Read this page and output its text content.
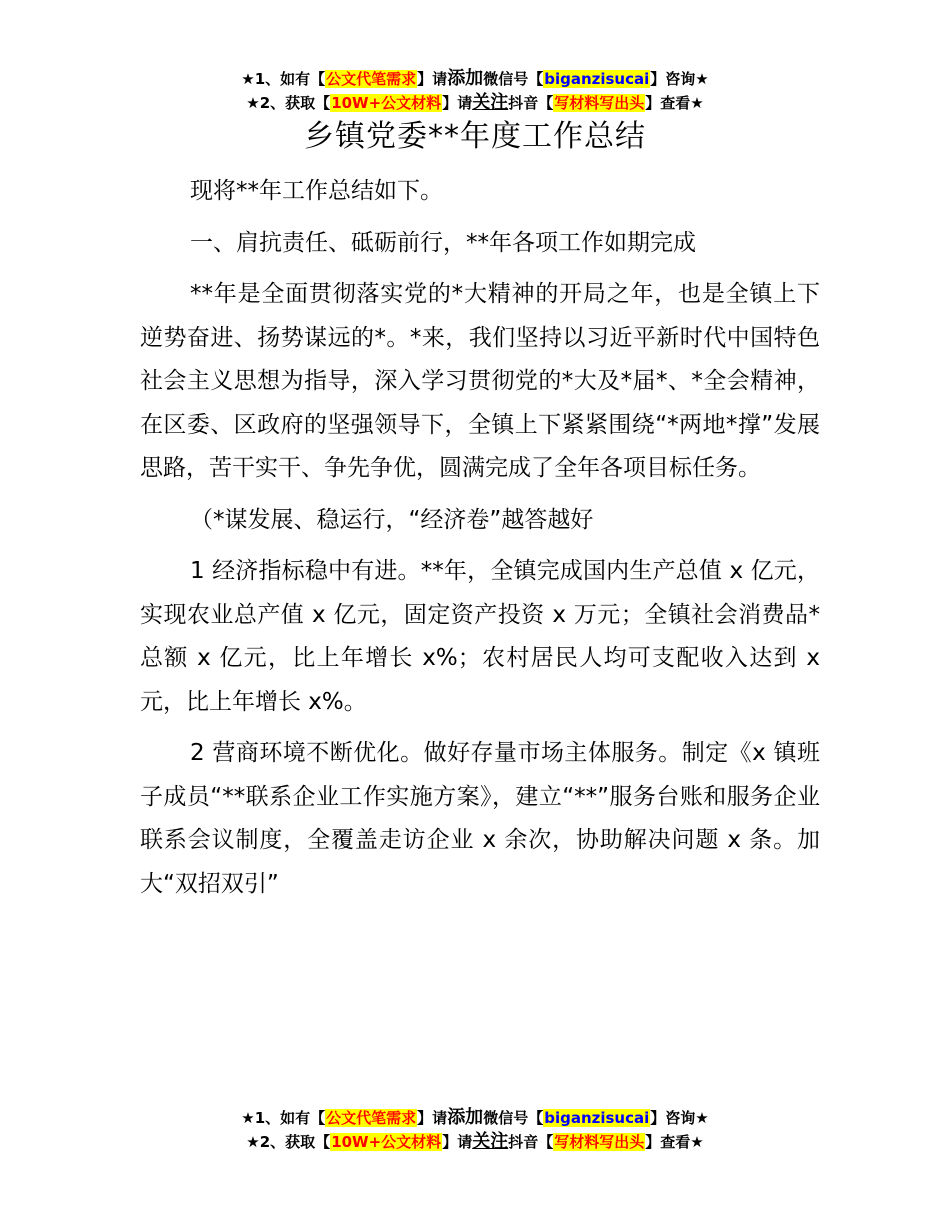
★1、如有【公文代笔需求】请添加微信号【biganzisucai】咨询★
★2、获取【10W+公文材料】请关注抖音【写材料写出头】查看★
乡镇党委**年度工作总结

现将**年工作总结如下。

一、肩抗责任、砥砺前行，**年各项工作如期完成

**年是全面贯彻落实党的*大精神的开局之年，也是全镇上下逆势奋进、扬势谋远的*。*来，我们坚持以习近平新时代中国特色社会主义思想为指导，深入学习贯彻党的*大及*届*、*全会精神，在区委、区政府的坚强领导下，全镇上下紧紧围绕“*两地*撑”发展思路，苦干实干、争先争优，圆满完成了全年各项目标任务。

（*谋发展、稳运行，“经济卷”越答越好

1 经济指标稳中有进。**年，全镇完成国内生产总值 x 亿元，实现农业总产值 x 亿元，固定资产投资 x 万元；全镇社会消费品*总额 x 亿元，比上年增长 x%；农村居民人均可支配收入达到 x 元，比上年增长 x%。

2 营商环境不断优化。做好存量市场主体服务。制定《x 镇班子成员“**联系企业工作实施方案》，建立“**”服务台账和服务企业联系会议制度，全覆盖走访企业 x 余次，协助解决问题 x 条。加大“双招双引”

★1、如有【公文代笔需求】请添加微信号【biganzisucai】咨询★
★2、获取【10W+公文材料】请关注抖音【写材料写出头】查看★
